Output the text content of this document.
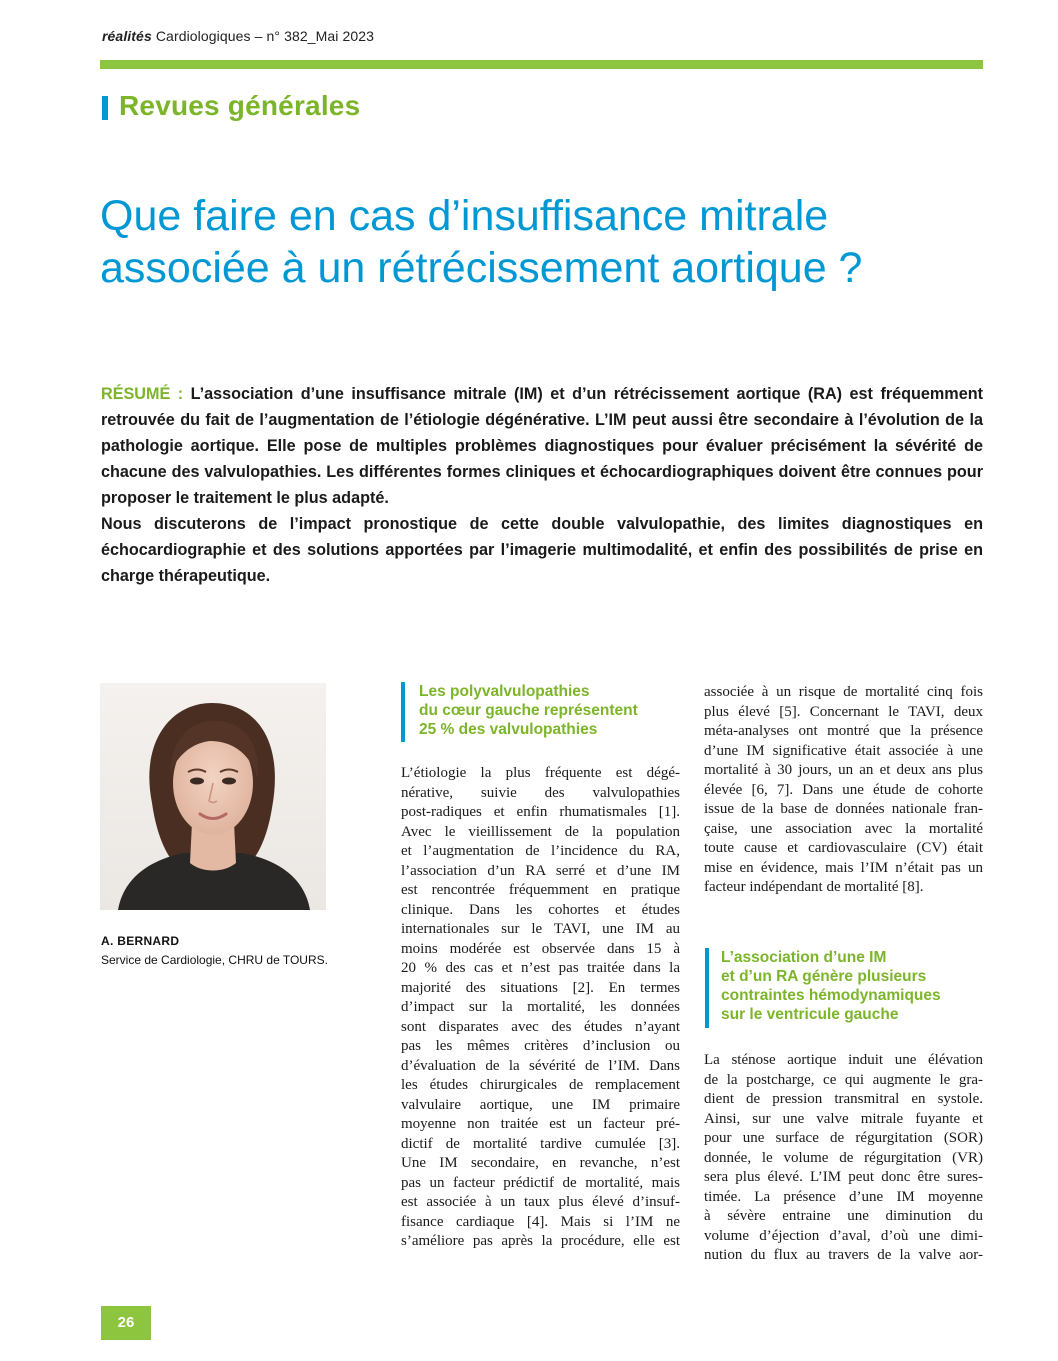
réalités Cardiologiques – n° 382_Mai 2023
Revues générales
Que faire en cas d’insuffisance mitrale
associée à un rétrécissement aortique ?

RÉSUMÉ : L’association d’une insuffisance mitrale (IM) et d’un rétrécissement aortique (RA) est fréquemment retrouvée du fait de l’augmentation de l’étiologie dégénérative. L’IM peut aussi être secondaire à l’évolution de la pathologie aortique. Elle pose de multiples problèmes diagnostiques pour évaluer précisément la sévérité de chacune des valvulopathies. Les différentes formes cliniques et échocardiographiques doivent être connues pour proposer le traitement le plus adapté.

Nous discuterons de l’impact pronostique de cette double valvulopathie, des limites diagnostiques en échocardiographie et des solutions apportées par l’imagerie multimodalité, et enfin des possibilités de prise en charge thérapeutique.

A. BERNARD
Service de Cardiologie, CHRU de TOURS.
Les polyvalvulopathies
du cœur gauche représentent
25 % des valvulopathies
L’étiologie la plus fréquente est dégé-
nérative, suivie des valvulopathies
post-radiques et enfin rhumatismales [1].
Avec le vieillissement de la population
et l’augmentation de l’incidence du RA,
l’association d’un RA serré et d’une IM
est rencontrée fréquemment en pratique
clinique. Dans les cohortes et études
internationales sur le TAVI, une IM au
moins modérée est observée dans 15 à
20 % des cas et n’est pas traitée dans la
majorité des situations [2]. En termes
d’impact sur la mortalité, les données
sont disparates avec des études n’ayant
pas les mêmes critères d’inclusion ou
d’évaluation de la sévérité de l’IM. Dans
les études chirurgicales de remplacement
valvulaire aortique, une IM primaire
moyenne non traitée est un facteur pré-
dictif de mortalité tardive cumulée [3].
Une IM secondaire, en revanche, n’est
pas un facteur prédictif de mortalité, mais
est associée à un taux plus élevé d’insuf-
fisance cardiaque [4]. Mais si l’IM ne
s’améliore pas après la procédure, elle est
associée à un risque de mortalité cinq fois
plus élevé [5]. Concernant le TAVI, deux
méta-analyses ont montré que la présence
d’une IM significative était associée à une
mortalité à 30 jours, un an et deux ans plus
élevée [6, 7]. Dans une étude de cohorte
issue de la base de données nationale fran-
çaise, une association avec la mortalité
toute cause et cardiovasculaire (CV) était
mise en évidence, mais l’IM n’était pas un
facteur indépendant de mortalité [8].
L’association d’une IM
et d’un RA génère plusieurs
contraintes hémodynamiques
sur le ventricule gauche
La sténose aortique induit une élévation
de la postcharge, ce qui augmente le gra-
dient de pression transmitral en systole.
Ainsi, sur une valve mitrale fuyante et
pour une surface de régurgitation (SOR)
donnée, le volume de régurgitation (VR)
sera plus élevé. L’IM peut donc être sures-
timée. La présence d’une IM moyenne
à sévère entraine une diminution du
volume d’éjection d’aval, d’où une dimi-
nution du flux au travers de la valve aor-
26
